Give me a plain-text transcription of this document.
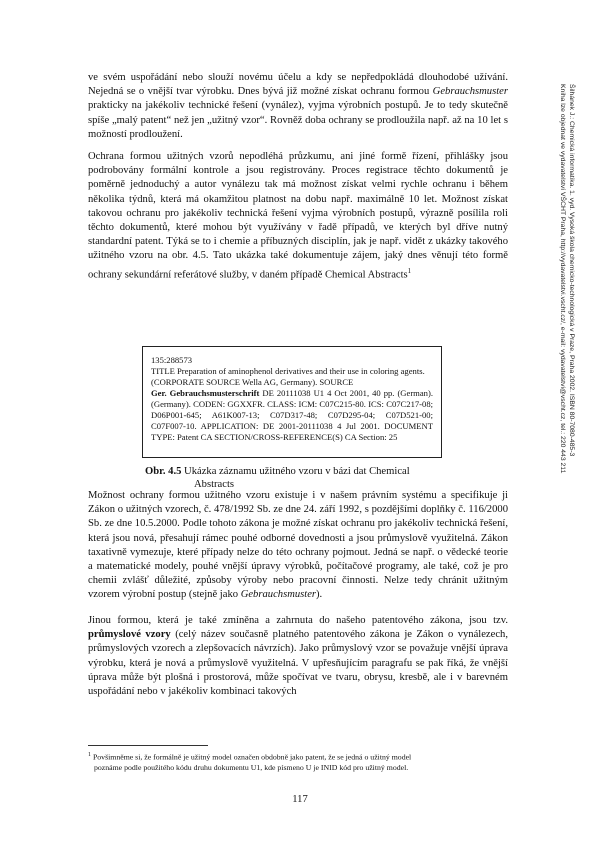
ve svém uspořádání nebo slouží novému účelu a kdy se nepředpokládá dlouhodobé užívání. Nejedná se o vnější tvar výrobku. Dnes bývá již možné získat ochranu formou Gebrauchsmuster prakticky na jakékoliv technické řešení (vynález), vyjma výrobních postupů. Je to tedy skutečně spíše „malý patent“ než jen „užitný vzor“. Rovněž doba ochrany se prodloužila např. až na 10 let s možností prodloužení.

Ochrana formou užitných vzorů nepodléhá průzkumu, ani jiné formě řízení, přihlášky jsou podrobovány formální kontrole a jsou registrovány. Proces registrace těchto dokumentů je poměrně jednoduchý a autor vynálezu tak má možnost získat velmi rychle ochranu i během několika týdnů, která má okamžitou platnost na dobu např. maximálně 10 let. Možnost získat takovou ochranu pro jakékoliv technická řešení vyjma výrobních postupů, výrazně posílila roli těchto dokumentů, které mohou být využívány v řadě případů, ve kterých byl dříve nutný standardní patent. Týká se to i chemie a příbuzných disciplín, jak je např. vidět z ukázky takového užitného vzoru na obr. 4.5. Tato ukázka také dokumentuje zájem, jaký dnes věnují této formě ochrany sekundární referátové služby, v daném případě Chemical Abstracts$^1$

135:288573
TITLE Preparation of aminophenol derivatives and their use in coloring agents.
(CORPORATE SOURCE Wella AG, Germany). SOURCE
Ger. Gebrauchsmusterschrift DE 20111038 U1 4 Oct 2001, 40 pp. (German). (Germany). CODEN: GGXXFR. CLASS: ICM: C07C215-80. ICS: C07C217-08; D06P001-645; A61K007-13; C07D317-48; C07D295-04; C07D521-00; C07F007-10. APPLICATION: DE 2001-20111038 4 Jul 2001. DOCUMENT TYPE: Patent CA SECTION/CROSS-REFERENCE(S) CA Section: 25
Obr. 4.5 Ukázka záznamu užitného vzoru v bázi dat Chemical
Abstracts

Možnost ochrany formou užitného vzoru existuje i v našem právním systému a specifikuje ji Zákon o užitných vzorech, č. 478/1992 Sb. ze dne 24. září 1992, s pozdějšími doplňky č. 116/2000 Sb. ze dne 10.5.2000. Podle tohoto zákona je možné získat ochranu pro jakékoliv technická řešení, která jsou nová, přesahují rámec pouhé odborné dovednosti a jsou průmyslově využitelná. Zákon taxativně vymezuje, které případy nelze do této ochrany pojmout. Jedná se např. o vědecké teorie a matematické modely, pouhé vnější úpravy výrobků, počítačové programy, ale také, což je pro chemii zvlášť důležité, způsoby výroby nebo pracovní činnosti. Nelze tedy chránit užitným vzorem výrobní postup (stejně jako Gebrauchsmuster).

Jinou formou, která je také zmíněna a zahrnuta do našeho patentového zákona, jsou tzv. průmyslové vzory (celý název současně platného patentového zákona je Zákon o vynálezech, průmyslových vzorech a zlepšovacích návrzích). Jako průmyslový vzor se považuje vnější úprava výrobku, která je nová a průmyslově využitelná. V upřesňujícím paragrafu se pak říká, že vnější úprava může být plošná i prostorová, může spočívat ve tvaru, obrysu, kresbě, ale i v barevném uspořádání nebo v jakékoliv kombinaci takových

$^1$ Povšimněme si, že formálně je užitný model označen obdobně jako patent, že se jedná o užitný model
poznáme podle použitého kódu druhu dokumentu U1, kde písmeno U je INID kód pro užitný model.

117
Šilhánek J.: Chemická informatika. 1. vyd. Vysoká škola chemicko-technologická v Praze, Praha 2002. ISBN 80-7080-485-3
Kniha lze objednat ve vydavatelství VŠCHT Praha, http://vydavatelstvi.vscht.cz/, e-mail: vydavatelstvi@vscht.cz, tel.: 220 443 211
